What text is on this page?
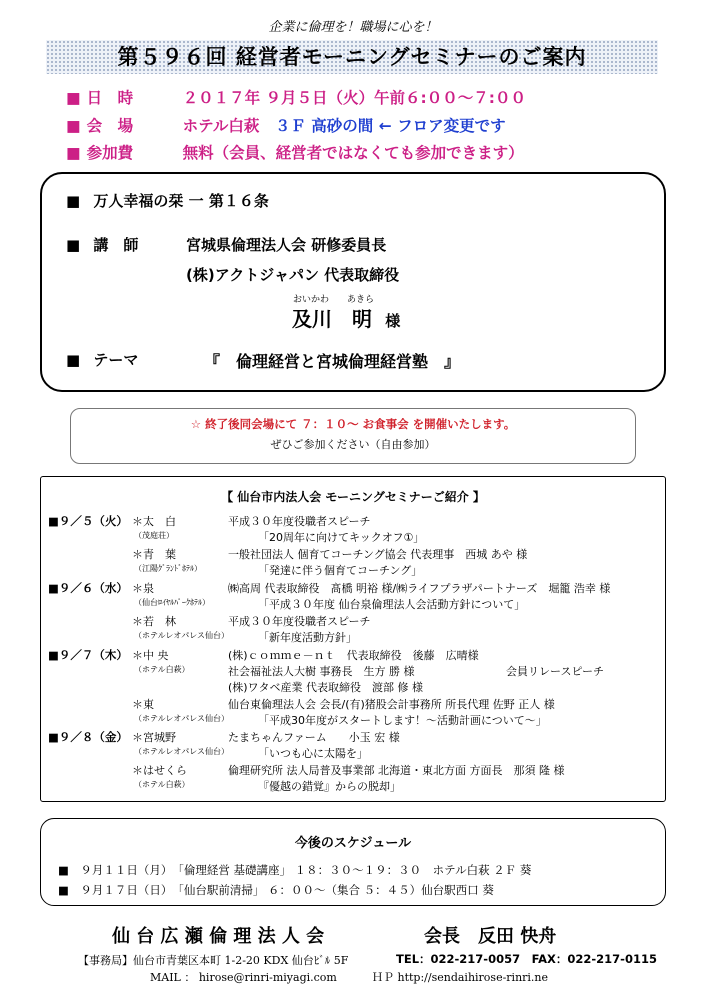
企業に倫理を！職場に心を！
第５９６回 経営者モーニングセミナーのご案内
■ 日　時	２０１７年 ９月５日（火）午前６:００～７:００
■ 会　場	ホテル白萩　 ３Ｆ 高砂の間 ← フロア変更です
■ 参加費	無料（会員、経営者ではなくても参加できます）
■ 万人幸福の栞 一 第１６条
■ 講　師	宮城県倫理法人会 研修委員長
(株)アクトジャパン 代表取締役
おいかわ　　あきら
及川　明 様
■ テーマ	『　倫理経営と宮城倫理経営塾　』
☆ 終了後同会場にて ７：１０～ お食事会 を開催いたします。
ぜひご参加ください（自由参加）
【 仙台市内法人会 モーニングセミナーご紹介 】
■９／５（火） ＊太　白
（茂庭荘）
平成３０年度役職者スピーチ
「20周年に向けてキックオフ①」
＊青　葉
（江陽ｸﾞﾗﾝﾄﾞﾎﾃﾙ）
一般社団法人 個育てコーチング協会 代表理事　西城 あや 様
「発達に伴う個育てコーチング」
■９／６（水） ＊泉
（仙台ﾛｲﾔﾙﾊﾟｰｸﾎﾃﾙ）
㈱高周 代表取締役　髙橋 明裕 様/㈱ライフプラザパートナーズ　堀籠 浩幸 様
「平成３０年度 仙台泉倫理法人会活動方針について」
＊若　林
（ホテルレオパレス仙台）
平成３０年度役職者スピーチ
「新年度活動方針」
■９／７（木） ＊中 央
（ホテル白萩）
(株)ｃｏｍｍｅ－ｎｔ　代表取締役　後藤　広晴様
社会福祉法人大樹 事務長　生方 勝 様	会員リレースピーチ
(株)ワタベ産業 代表取締役　渡部 修 様
＊東
（ホテルレオパレス仙台）
仙台東倫理法人会 会長/(有)猪股会計事務所 所長代理 佐野 正人 様
「平成30年度がスタートします！～活動計画について～」
■９／８（金） ＊宮城野
（ホテルレオパレス仙台）
たまちゃんファーム　　小玉 宏 様
「いつも心に太陽を」
＊はせくら
（ホテル白萩）
倫理研究所 法人局普及事業部 北海道・東北方面 方面長　那須 隆 様
『優越の錯覚』からの脱却」
今後のスケジュール
■　９月１１日（月）　「倫理経営 基礎講座」 １８：３０～１９：３０　ホテル白萩 ２Ｆ 葵
■　９月１７日（日）　「仙台駅前清掃」 ６：００～（集合 ５：４５）仙台駅西口 葵
仙 台 広 瀬 倫 理 法 人 会	会長　反田 快舟
【事務局】仙台市青葉区本町 1-2-20 KDX 仙台ﾋﾞﾙ 5F	TEL：022-217-0057　FAX：022-217-0115
MAIL ： hirose@rinri-miyagi.com	ＨＰ http://sendaihirose-rinri.ne
